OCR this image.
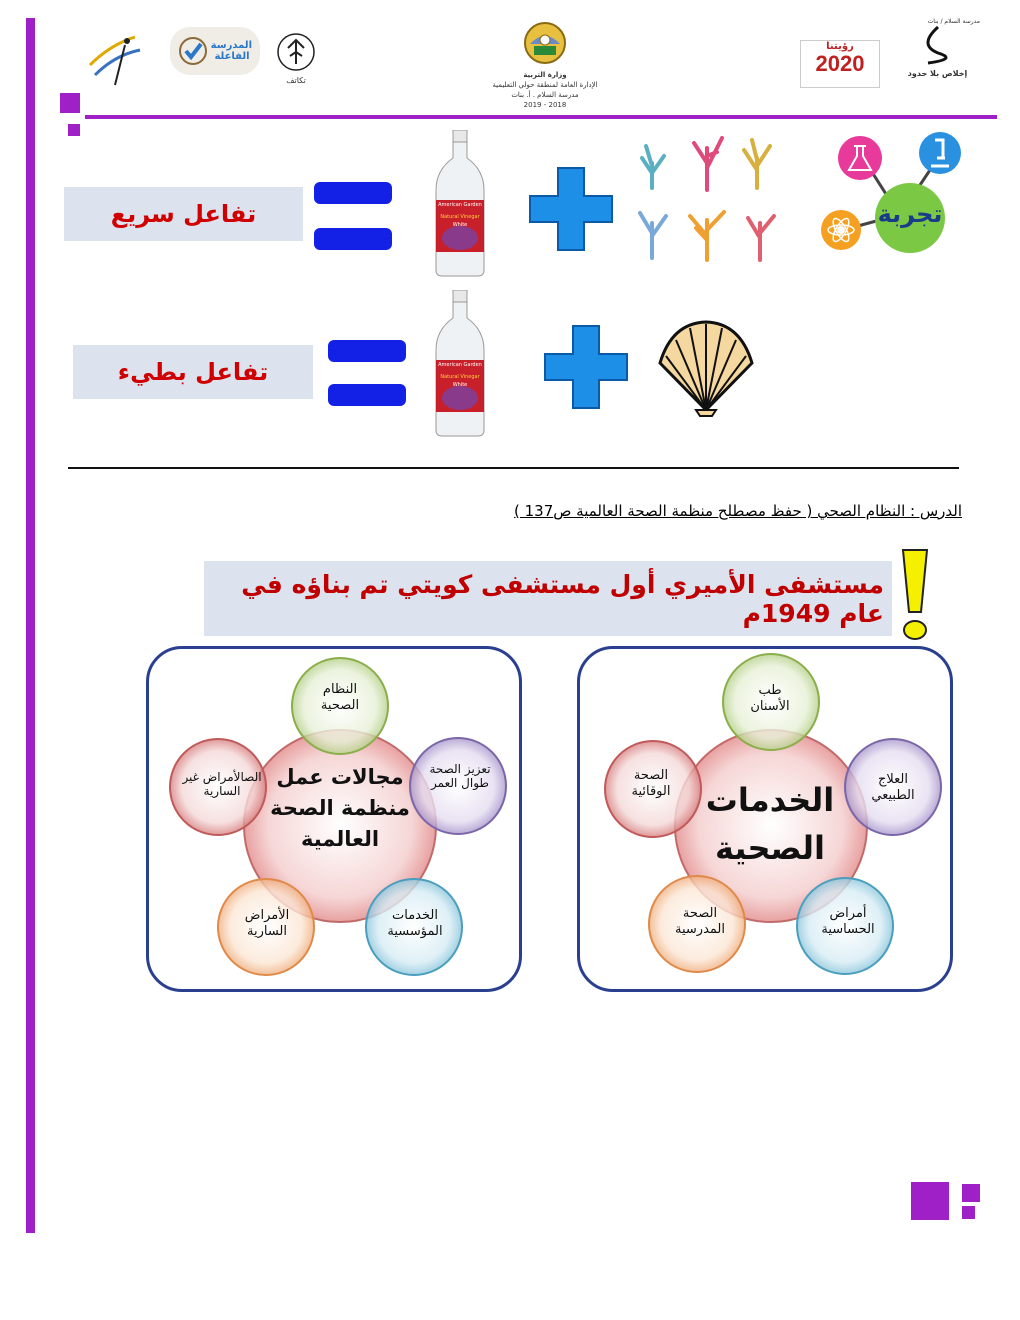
المدرسة الفاعلة
تكاتف
وزارة التربية
الإدارة العامة لمنطقة حولي التعليمية
مدرسة السلام . أ. بنات
2018 - 2019
رؤيتنا
2020
مدرسة السلام / بنات
إخلاص بلا حدود
تجربة
American Garden
Natural Vinegar
White
American Garden
Natural Vinegar
White
تفاعل سريع
تفاعل بطيء
الدرس : النظام الصحي ( حفظ مصطلح منظمة الصحة العالمية ص137 )
مستشفى الأميري أول مستشفى كويتي تم بناؤه في عام 1949م
مجالات عمل منظمة الصحة العالمية
النظام الصحية
تعزيز الصحة طوال العمر
الخدمات المؤسسية
الأمراض السارية
الصالأمراض غير السارية	الخدمات الصحية
طب الأسنان
العلاج الطبيعي
أمراض الحساسية
الصحة المدرسية
الصحة الوقائية
